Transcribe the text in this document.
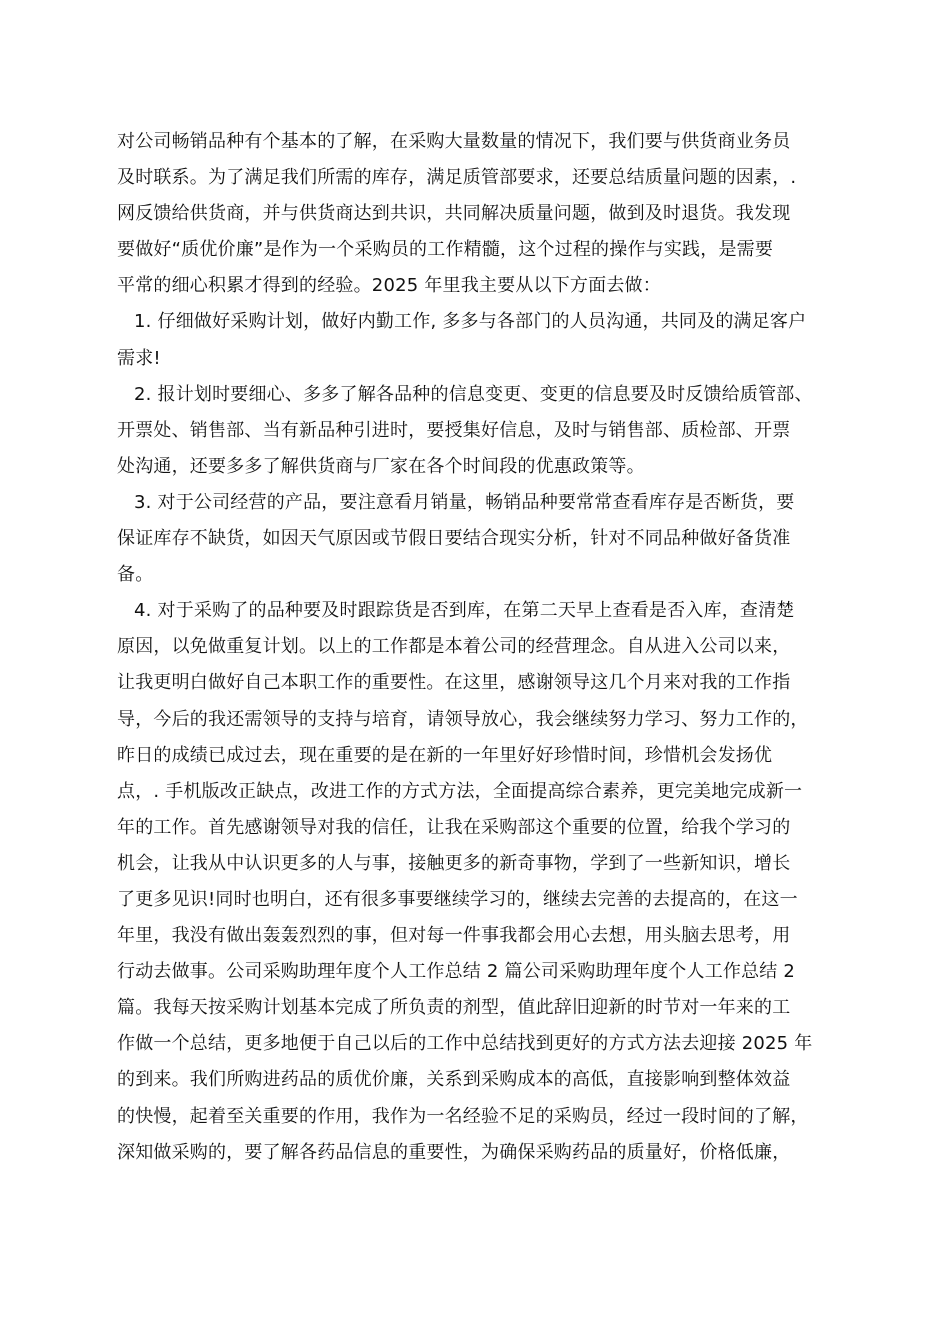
对公司畅销品种有个基本的了解，在采购大量数量的情况下，我们要与供货商业务员
及时联系。为了满足我们所需的库存，满足质管部要求，还要总结质量问题的因素，.
网反馈给供货商，并与供货商达到共识，共同解决质量问题，做到及时退货。我发现
要做好“质优价廉”是作为一个采购员的工作精髓，这个过程的操作与实践，是需要
平常的细心积累才得到的经验。2025 年里我主要从以下方面去做：
1. 仔细做好采购计划，做好内勤工作, 多多与各部门的人员沟通，共同及的满足客户
需求!
2. 报计划时要细心、多多了解各品种的信息变更、变更的信息要及时反馈给质管部、
开票处、销售部、当有新品种引进时，要授集好信息，及时与销售部、质检部、开票
处沟通，还要多多了解供货商与厂家在各个时间段的优惠政策等。
3. 对于公司经营的产品，要注意看月销量，畅销品种要常常查看库存是否断货，要
保证库存不缺货，如因天气原因或节假日要结合现实分析，针对不同品种做好备货准
备。
4. 对于采购了的品种要及时跟踪货是否到库，在第二天早上查看是否入库，查清楚
原因，以免做重复计划。以上的工作都是本着公司的经营理念。自从进入公司以来，
让我更明白做好自己本职工作的重要性。在这里，感谢领导这几个月来对我的工作指
导，今后的我还需领导的支持与培育，请领导放心，我会继续努力学习、努力工作的，
昨日的成绩已成过去，现在重要的是在新的一年里好好珍惜时间，珍惜机会发扬优
点，. 手机版改正缺点，改进工作的方式方法，全面提高综合素养，更完美地完成新一
年的工作。首先感谢领导对我的信任，让我在采购部这个重要的位置，给我个学习的
机会，让我从中认识更多的人与事，接触更多的新奇事物，学到了一些新知识，增长
了更多见识!同时也明白，还有很多事要继续学习的，继续去完善的去提高的，在这一
年里，我没有做出轰轰烈烈的事，但对每一件事我都会用心去想，用头脑去思考，用
行动去做事。公司采购助理年度个人工作总结 2 篇公司采购助理年度个人工作总结 2
篇。我每天按采购计划基本完成了所负责的剂型，值此辞旧迎新的时节对一年来的工
作做一个总结，更多地便于自己以后的工作中总结找到更好的方式方法去迎接 2025 年
的到来。我们所购进药品的质优价廉，关系到采购成本的高低，直接影响到整体效益
的快慢，起着至关重要的作用，我作为一名经验不足的采购员，经过一段时间的了解，
深知做采购的，要了解各药品信息的重要性，为确保采购药品的质量好，价格低廉，
